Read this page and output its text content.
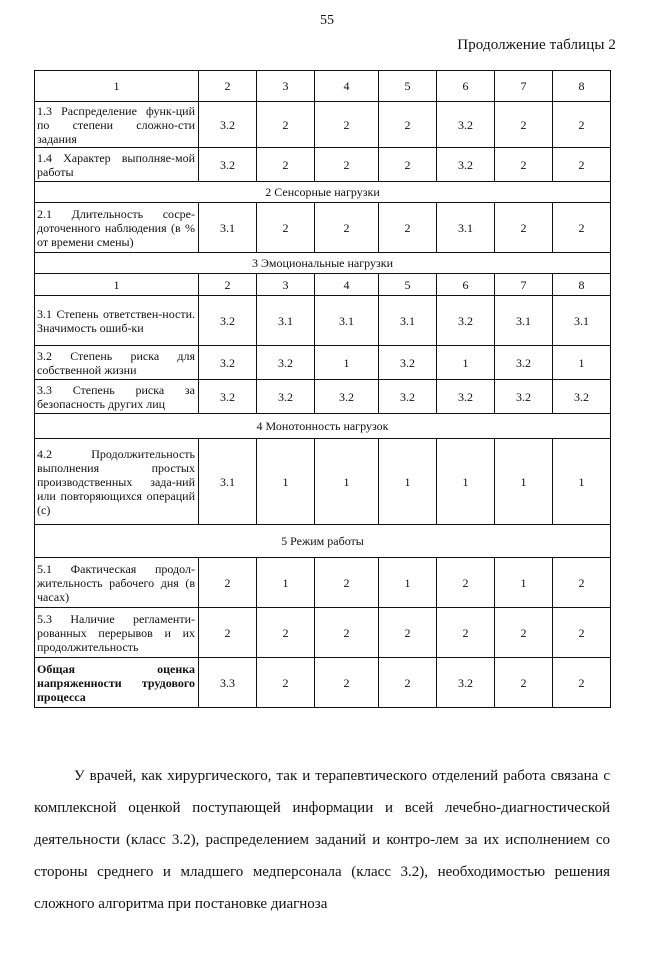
55
Продолжение таблицы 2
1	2	3	4	5	6	7	8
1.3 Распределение функ-ций по степени сложно-сти задания	3.2	2	2	2	3.2	2	2
1.4 Характер выполняе-мой работы	3.2	2	2	2	3.2	2	2
2 Сенсорные нагрузки							
2.1 Длительность сосре-доточенного наблюдения (в % от времени смены)	3.1	2	2	2	3.1	2	2
3 Эмоциональные нагрузки							
1	2	3	4	5	6	7	8
3.1 Степень ответствен-ности. Значимость ошиб-ки	3.2	3.1	3.1	3.1	3.2	3.1	3.1
3.2 Степень риска для собственной жизни	3.2	3.2	1	3.2	1	3.2	1
3.3 Степень риска за безопасность других лиц	3.2	3.2	3.2	3.2	3.2	3.2	3.2
4 Монотонность нагрузок							
4.2 Продолжительность выполнения простых производственных зада-ний или повторяющихся операций (с)	3.1	1	1	1	1	1	1
5 Режим работы							
5.1 Фактическая продол-жительность рабочего дня (в часах)	2	1	2	1	2	1	2
5.3 Наличие регламенти-рованных перерывов и их продолжительность	2	2	2	2	2	2	2
Общая оценка напряженности трудового процесса	3.3	2	2	2	3.2	2	2

У врачей, как хирургического, так и терапевтического отделений работа связана с комплексной оценкой поступающей информации и всей лечебно-диагностической деятельности (класс 3.2), распределением заданий и контро-лем за их исполнением со стороны среднего и младшего медперсонала (класс 3.2), необходимостью решения сложного алгоритма при постановке диагноза
